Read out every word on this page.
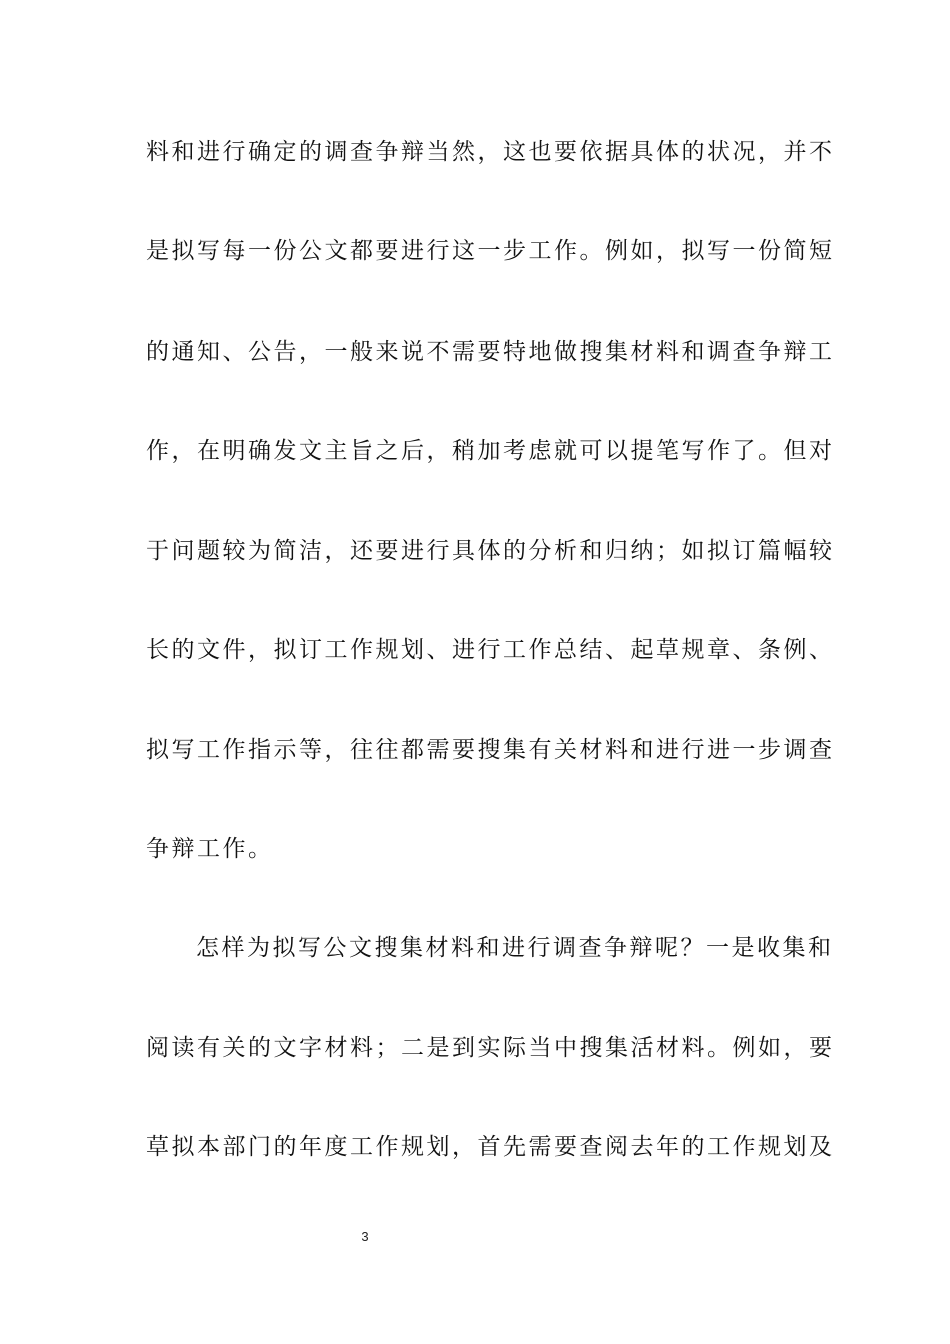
料和进行确定的调查争辩当然，这也要依据具体的状况，并不
是拟写每一份公文都要进行这一步工作。例如，拟写一份简短
的通知、公告，一般来说不需要特地做搜集材料和调查争辩工
作，在明确发文主旨之后，稍加考虑就可以提笔写作了。但对
于问题较为简洁，还要进行具体的分析和归纳；如拟订篇幅较
长的文件，拟订工作规划、进行工作总结、起草规章、条例、
拟写工作指示等，往往都需要搜集有关材料和进行进一步调查
争辩工作。
怎样为拟写公文搜集材料和进行调查争辩呢？一是收集和
阅读有关的文字材料；二是到实际当中搜集活材料。例如，要
草拟本部门的年度工作规划，首先需要查阅去年的工作规划及
3
